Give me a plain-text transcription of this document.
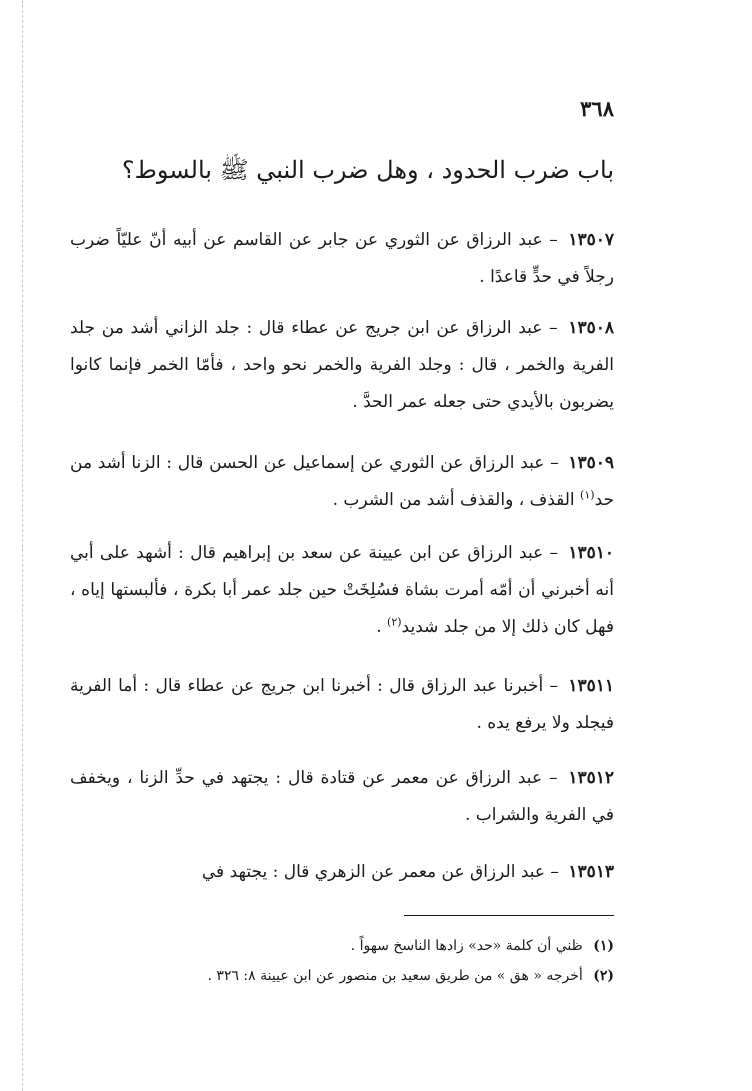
٣٦٨
باب ضرب الحدود ، وهل ضرب النبي ﷺ بالسوط؟
١٣٥٠٧ – عبد الرزاق عن الثوري عن جابر عن القاسم عن أبيه أنّ عليّاً ضرب رجلاً في حدٍّ قاعدًا .
١٣٥٠٨ – عبد الرزاق عن ابن جريج عن عطاء قال : جلد الزاني أشد من جلد الفرية والخمر ، قال : وجلد الفرية والخمر نحو واحد ، فأمّا الخمر فإنما كانوا يضربون بالأيدي حتى جعله عمر الحدَّ .
١٣٥٠٩ – عبد الرزاق عن الثوري عن إسماعيل عن الحسن قال : الزنا أشد من حد$^{(١)}$ القذف ، والقذف أشد من الشرب .
١٣٥١٠ – عبد الرزاق عن ابن عيينة عن سعد بن إبراهيم قال : أشهد على أبي أنه أخبرني أن أمّه أمرت بشاة فسُلِخَتْ حين جلد عمر أبا بكرة ، فألبستها إياه ، فهل كان ذلك إلا من جلد شديد$^{(٢)}$ .
١٣٥١١ – أخبرنا عبد الرزاق قال : أخبرنا ابن جريج عن عطاء قال : أما الفرية فيجلد ولا يرفع يده .
١٣٥١٢ – عبد الرزاق عن معمر عن قتادة قال : يجتهد في حدِّ الزنا ، ويخفف في الفرية والشراب .
١٣٥١٣ – عبد الرزاق عن معمر عن الزهري قال : يجتهد في
(١) ظني أن كلمة «حد» زادها الناسخ سهواً .
(٢) أخرجه « هق » من طريق سعيد بن منصور عن ابن عيينة ٨: ٣٢٦ .
